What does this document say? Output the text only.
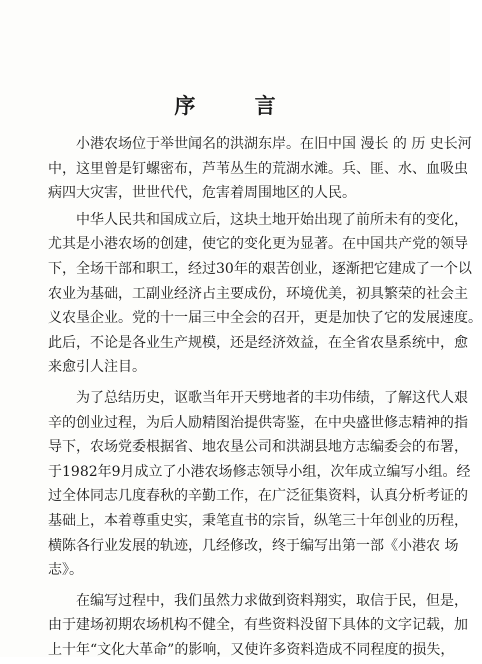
序 言

小港农场位于举世闻名的洪湖东岸。在旧中国 漫长 的 历 史长河
中，这里曾是钉螺密布，芦苇丛生的荒湖水滩。兵、匪、水、血吸虫
病四大灾害，世世代代，危害着周围地区的人民。

中华人民共和国成立后，这块土地开始出现了前所未有的变化，
尤其是小港农场的创建，使它的变化更为显著。在中国共产党的领导
下，全场干部和职工，经过30年的艰苦创业，逐渐把它建成了一个以
农业为基础，工副业经济占主要成份，环境优美，初具繁荣的社会主
义农垦企业。党的十一届三中全会的召开，更是加快了它的发展速度。
此后，不论是各业生产规模，还是经济效益，在全省农垦系统中，愈
来愈引人注目。

为了总结历史，讴歌当年开天劈地者的丰功伟绩，了解这代人艰
辛的创业过程，为后人励精图治提供寄鉴，在中央盛世修志精神的指
导下，农场党委根据省、地农垦公司和洪湖县地方志编委会的布署，
于1982年9月成立了小港农场修志领导小组，次年成立编写小组。经
过全体同志几度春秋的辛勤工作，在广泛征集资料，认真分析考证的
基础上，本着尊重史实，秉笔直书的宗旨，纵笔三十年创业的历程，
横陈各行业发展的轨迹，几经修改，终于编写出第一部《小港农 场
志》。

在编写过程中，我们虽然力求做到资料翔实，取信于民，但是，
由于建场初期农场机构不健全，有些资料没留下具体的文字记载，加
上十年“文化大革命”的影响，又使许多资料造成不同程度的损失，
